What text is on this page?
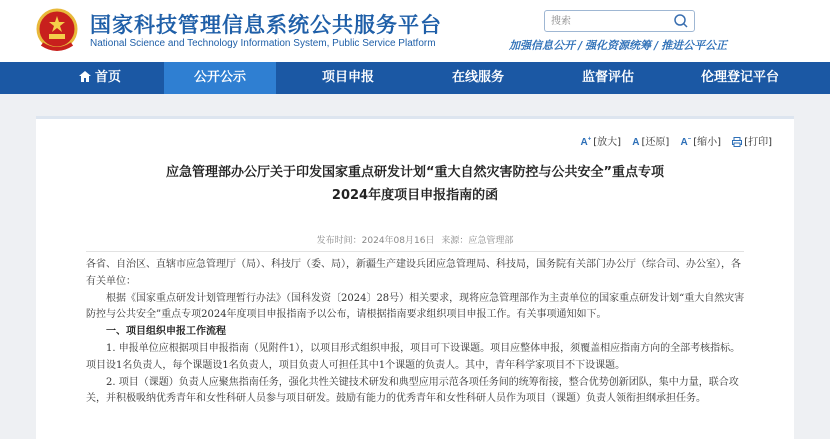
国家科技管理信息系统公共服务平台
National Science and Technology Information System, Public Service Platform
搜索	加强信息公开 / 强化资源统筹 / 推进公平公正
首页	公开公示	项目申报	在线服务	监督评估	伦理登记平台
A+ [放大] A [还原] A− [缩小] [打印]
应急管理部办公厅关于印发国家重点研发计划“重大自然灾害防控与公共安全”重点专项
2024年度项目申报指南的函
发布时间：2024年08月16日 来源：应急管理部

各省、自治区、直辖市应急管理厅（局）、科技厅（委、局），新疆生产建设兵团应急管理局、科技局，国务院有关部门办公厅（综合司、办公室），各有关单位：

根据《国家重点研发计划管理暂行办法》（国科发资〔2024〕28号）相关要求，现将应急管理部作为主责单位的国家重点研发计划“重大自然灾害防控与公共安全”重点专项2024年度项目申报指南予以公布，请根据指南要求组织项目申报工作。有关事项通知如下。

一、项目组织申报工作流程

1. 申报单位应根据项目申报指南（见附件1），以项目形式组织申报，项目可下设课题。项目应整体申报，须覆盖相应指南方向的全部考核指标。项目设1名负责人，每个课题设1名负责人，项目负责人可担任其中1个课题的负责人。其中，青年科学家项目不下设课题。

2. 项目（课题）负责人应聚焦指南任务，强化共性关键技术研发和典型应用示范各项任务间的统筹衔接，整合优势创新团队，集中力量，联合攻关，并积极吸纳优秀青年和女性科研人员参与项目研发。鼓励有能力的优秀青年和女性科研人员作为项目（课题）负责人领衔担纲承担任务。
